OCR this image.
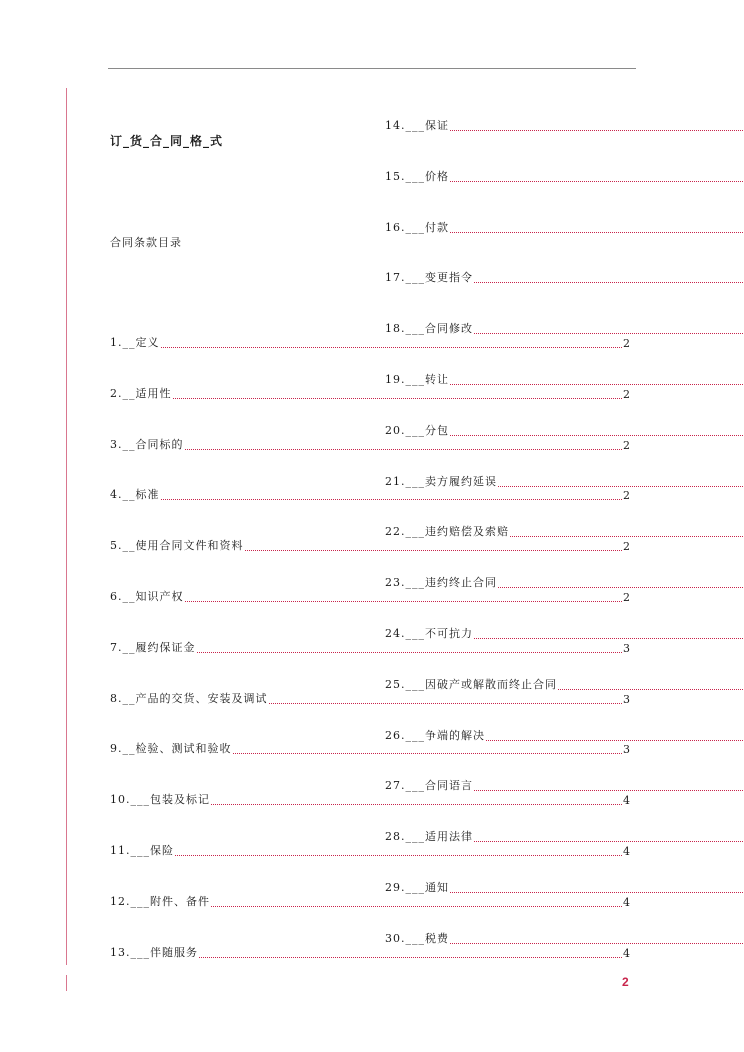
订_货_合_同_格_式
合同条款目录
1.__定义	2
2.__适用性	2
3.__合同标的	2
4.__标准	2
5.__使用合同文件和资料	2
6.__知识产权	2
7.__履约保证金	3
8.__产品的交货、安装及调试	3
9.__检验、测试和验收	3
10.___包装及标记	4
11.___保险	4
12.___附件、备件	4
13.___伴随服务	4
14.___保证
15.___价格
16.___付款
17.___变更指令
18.___合同修改
19.___转让
20.___分包
21.___卖方履约延误
22.___违约赔偿及索赔
23.___违约终止合同
24.___不可抗力
25.___因破产或解散而终止合同
26.___争端的解决
27.___合同语言
28.___适用法律
29.___通知
30.___税费
2
